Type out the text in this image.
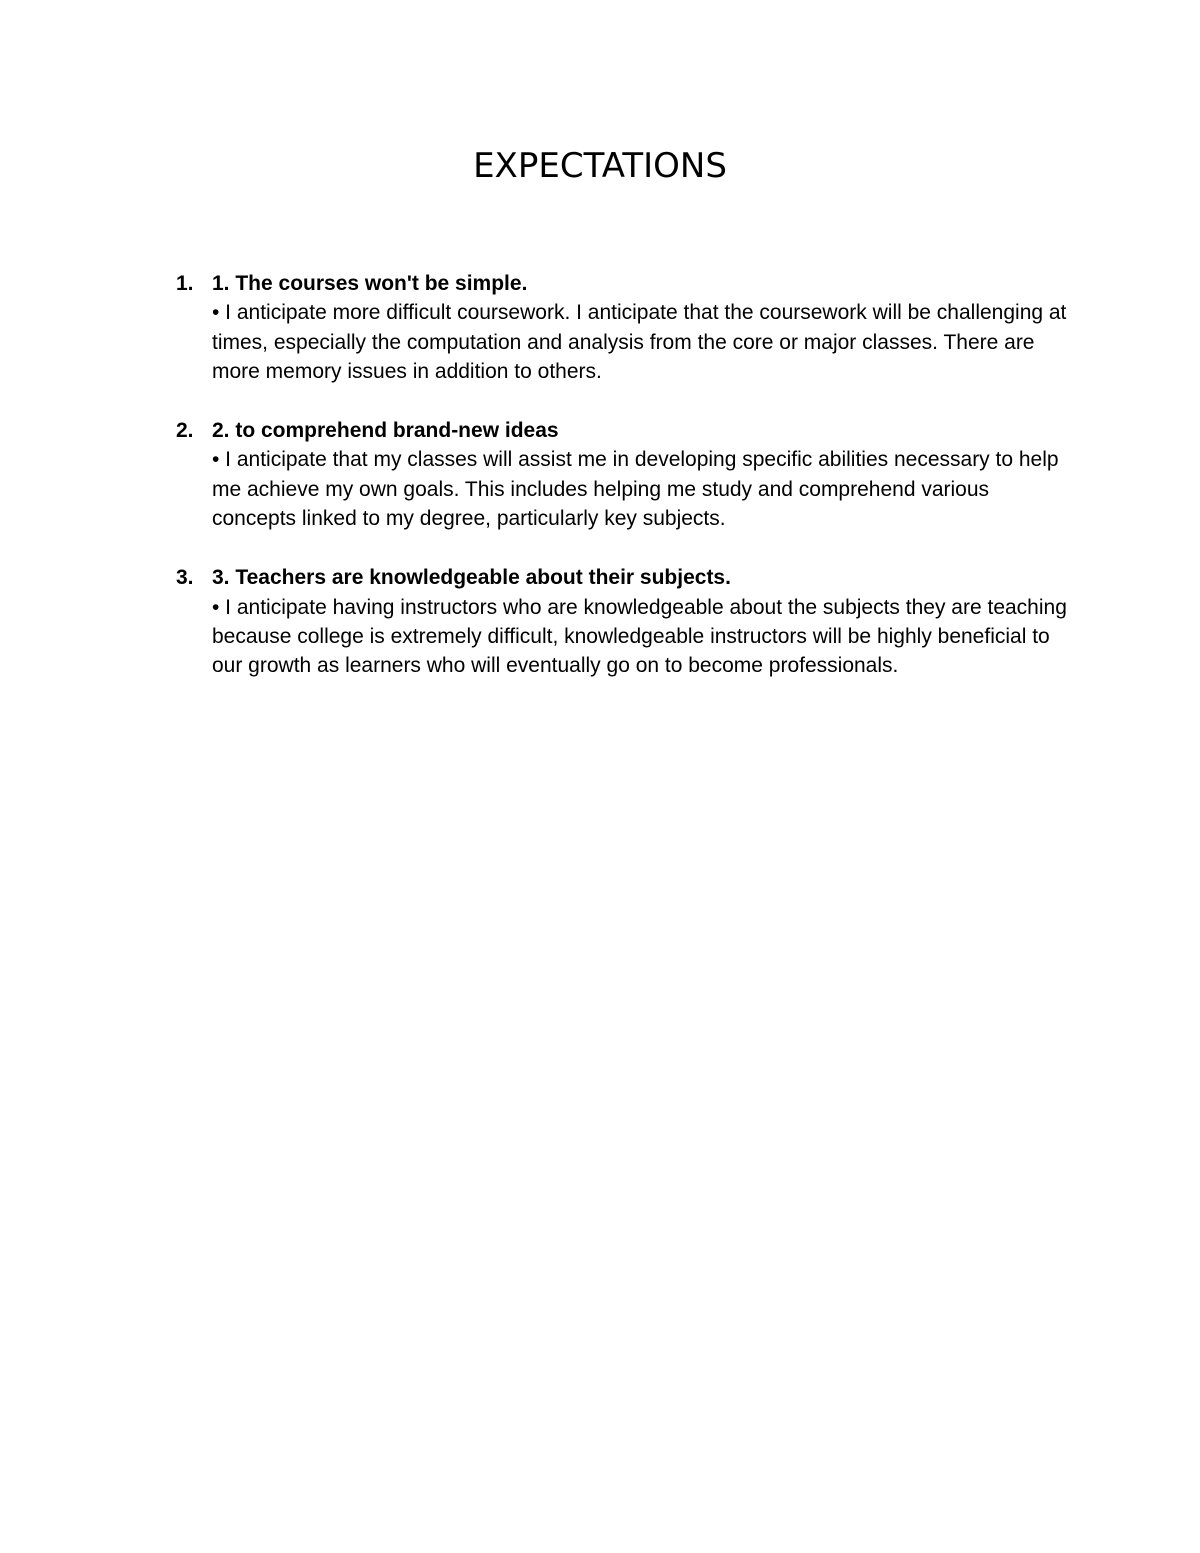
EXPECTATIONS
1. 1. The courses won't be simple.
• I anticipate more difficult coursework. I anticipate that the coursework will be challenging at times, especially the computation and analysis from the core or major classes. There are more memory issues in addition to others.
2. 2. to comprehend brand-new ideas
• I anticipate that my classes will assist me in developing specific abilities necessary to help me achieve my own goals. This includes helping me study and comprehend various concepts linked to my degree, particularly key subjects.
3. 3. Teachers are knowledgeable about their subjects.
• I anticipate having instructors who are knowledgeable about the subjects they are teaching because college is extremely difficult, knowledgeable instructors will be highly beneficial to our growth as learners who will eventually go on to become professionals.
